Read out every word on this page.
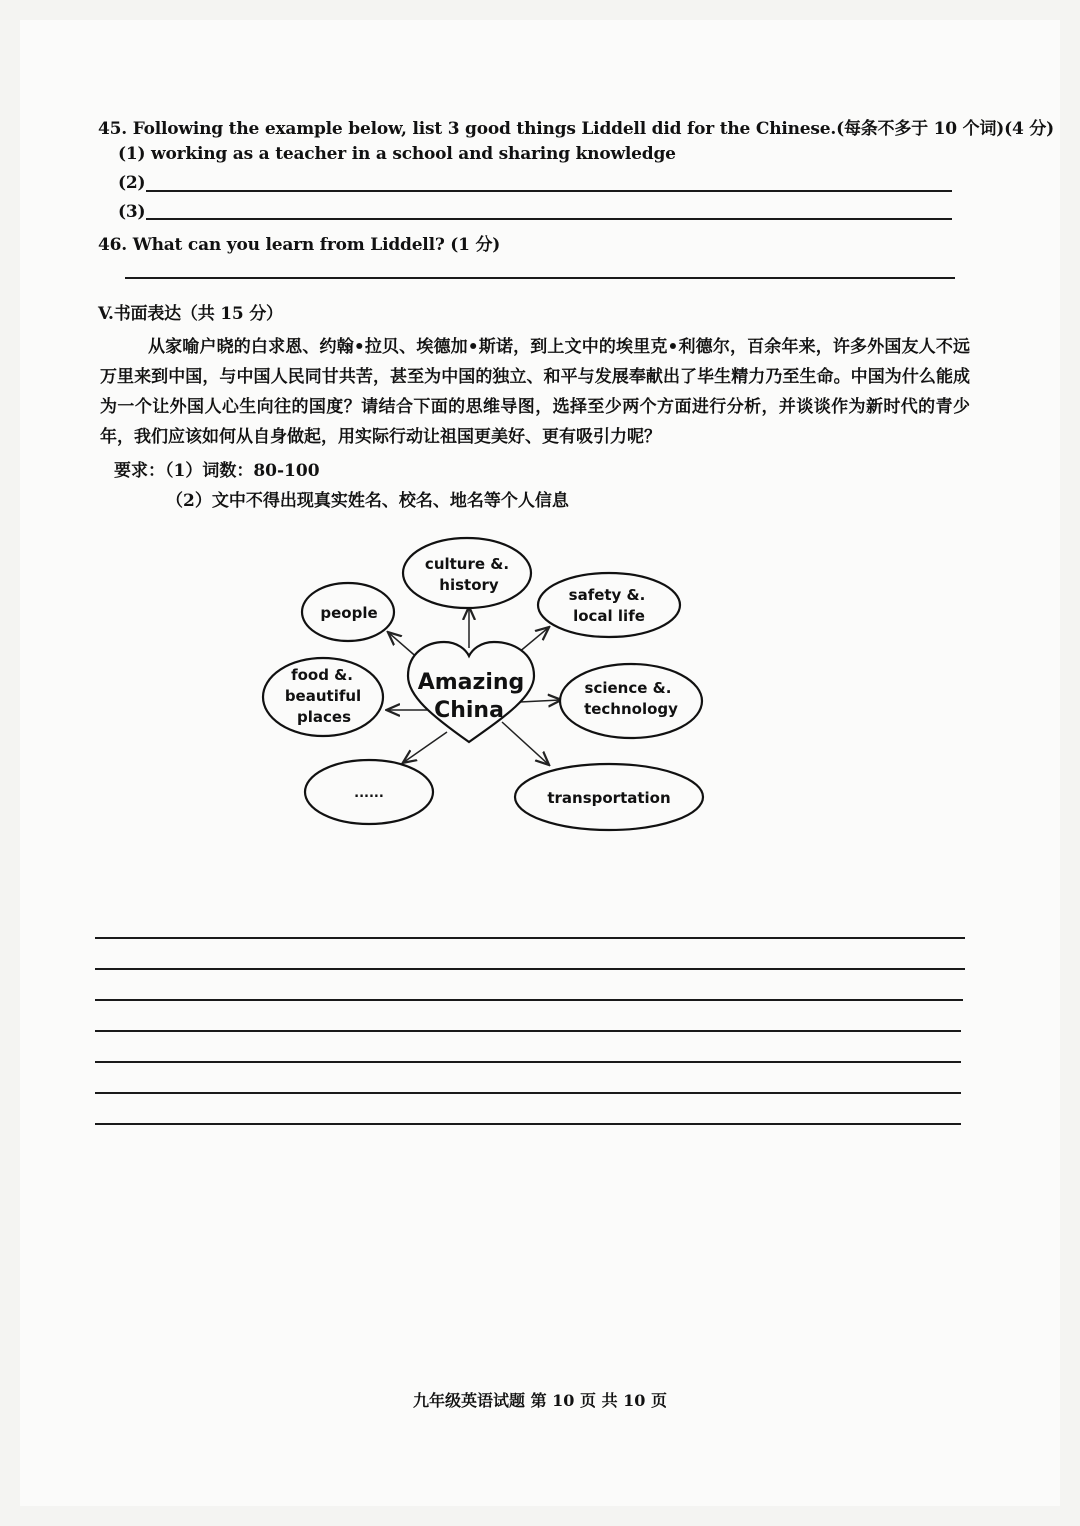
45. Following the example below, list 3 good things Liddell did for the Chinese.(每条不多于 10 个词)(4 分)
(1) working as a teacher in a school and sharing knowledge
(2)
(3)
46. What can you learn from Liddell? (1 分)
V.书面表达（共 15 分）
从家喻户晓的白求恩、约翰•拉贝、埃德加•斯诺，到上文中的埃里克•利德尔，百余年来，许多外国友人不远万里来到中国，与中国人民同甘共苦，甚至为中国的独立、和平与发展奉献出了毕生精力乃至生命。中国为什么能成为一个让外国人心生向往的国度？请结合下面的思维导图，选择至少两个方面进行分析，并谈谈作为新时代的青少年，我们应该如何从自身做起，用实际行动让祖国更美好、更有吸引力呢？
要求：（1）词数：80-100
（2）文中不得出现真实姓名、校名、地名等个人信息
Amazing
China
culture &.
history
people
safety &.
local life
food &.
beautiful
places
science &.
technology
......	transportation
九年级英语试题 第 10 页 共 10 页
